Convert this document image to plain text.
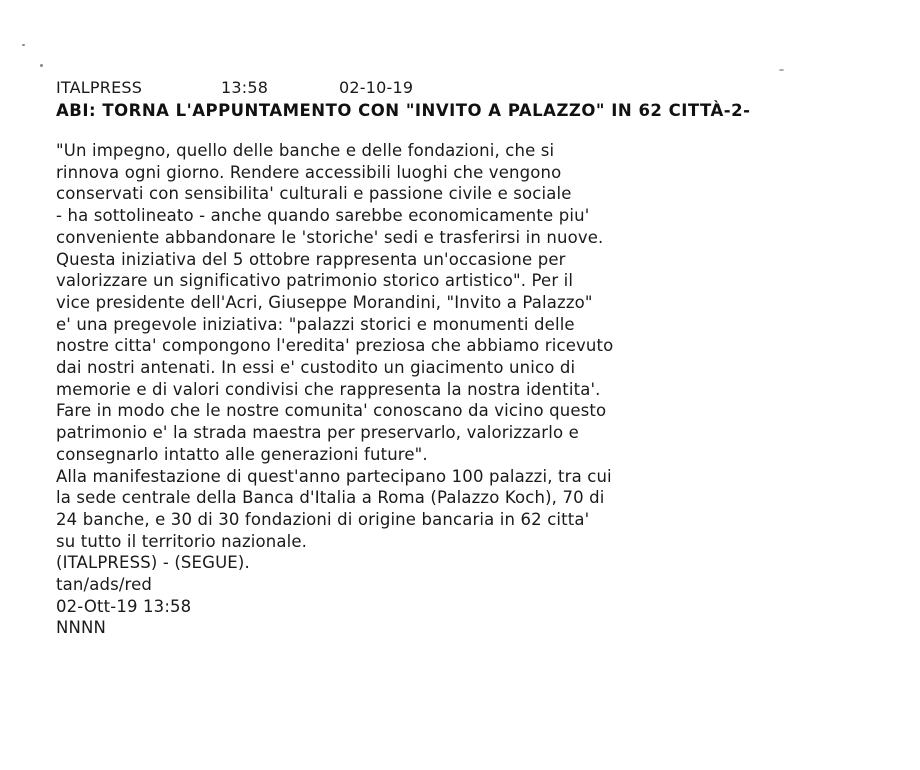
ITALPRESS	13:58	02-10-19
ABI: TORNA L'APPUNTAMENTO CON "INVITO A PALAZZO" IN 62 CITTÀ-2-
"Un impegno, quello delle banche e delle fondazioni, che si
rinnova ogni giorno. Rendere accessibili luoghi che vengono
conservati con sensibilita' culturali e passione civile e sociale
- ha sottolineato - anche quando sarebbe economicamente piu'
conveniente abbandonare le 'storiche' sedi e trasferirsi in nuove.
Questa iniziativa del 5 ottobre rappresenta un'occasione per
valorizzare un significativo patrimonio storico artistico". Per il
vice presidente dell'Acri, Giuseppe Morandini, "Invito a Palazzo"
e' una pregevole iniziativa: "palazzi storici e monumenti delle
nostre citta' compongono l'eredita' preziosa che abbiamo ricevuto
dai nostri antenati. In essi e' custodito un giacimento unico di
memorie e di valori condivisi che rappresenta la nostra identita'.
Fare in modo che le nostre comunita' conoscano da vicino questo
patrimonio e' la strada maestra per preservarlo, valorizzarlo e
consegnarlo intatto alle generazioni future".
Alla manifestazione di quest'anno partecipano 100 palazzi, tra cui
la sede centrale della Banca d'Italia a Roma (Palazzo Koch), 70 di
24 banche, e 30 di 30 fondazioni di origine bancaria in 62 citta'
su tutto il territorio nazionale.
(ITALPRESS) - (SEGUE).
tan/ads/red
02-Ott-19 13:58
NNNN
